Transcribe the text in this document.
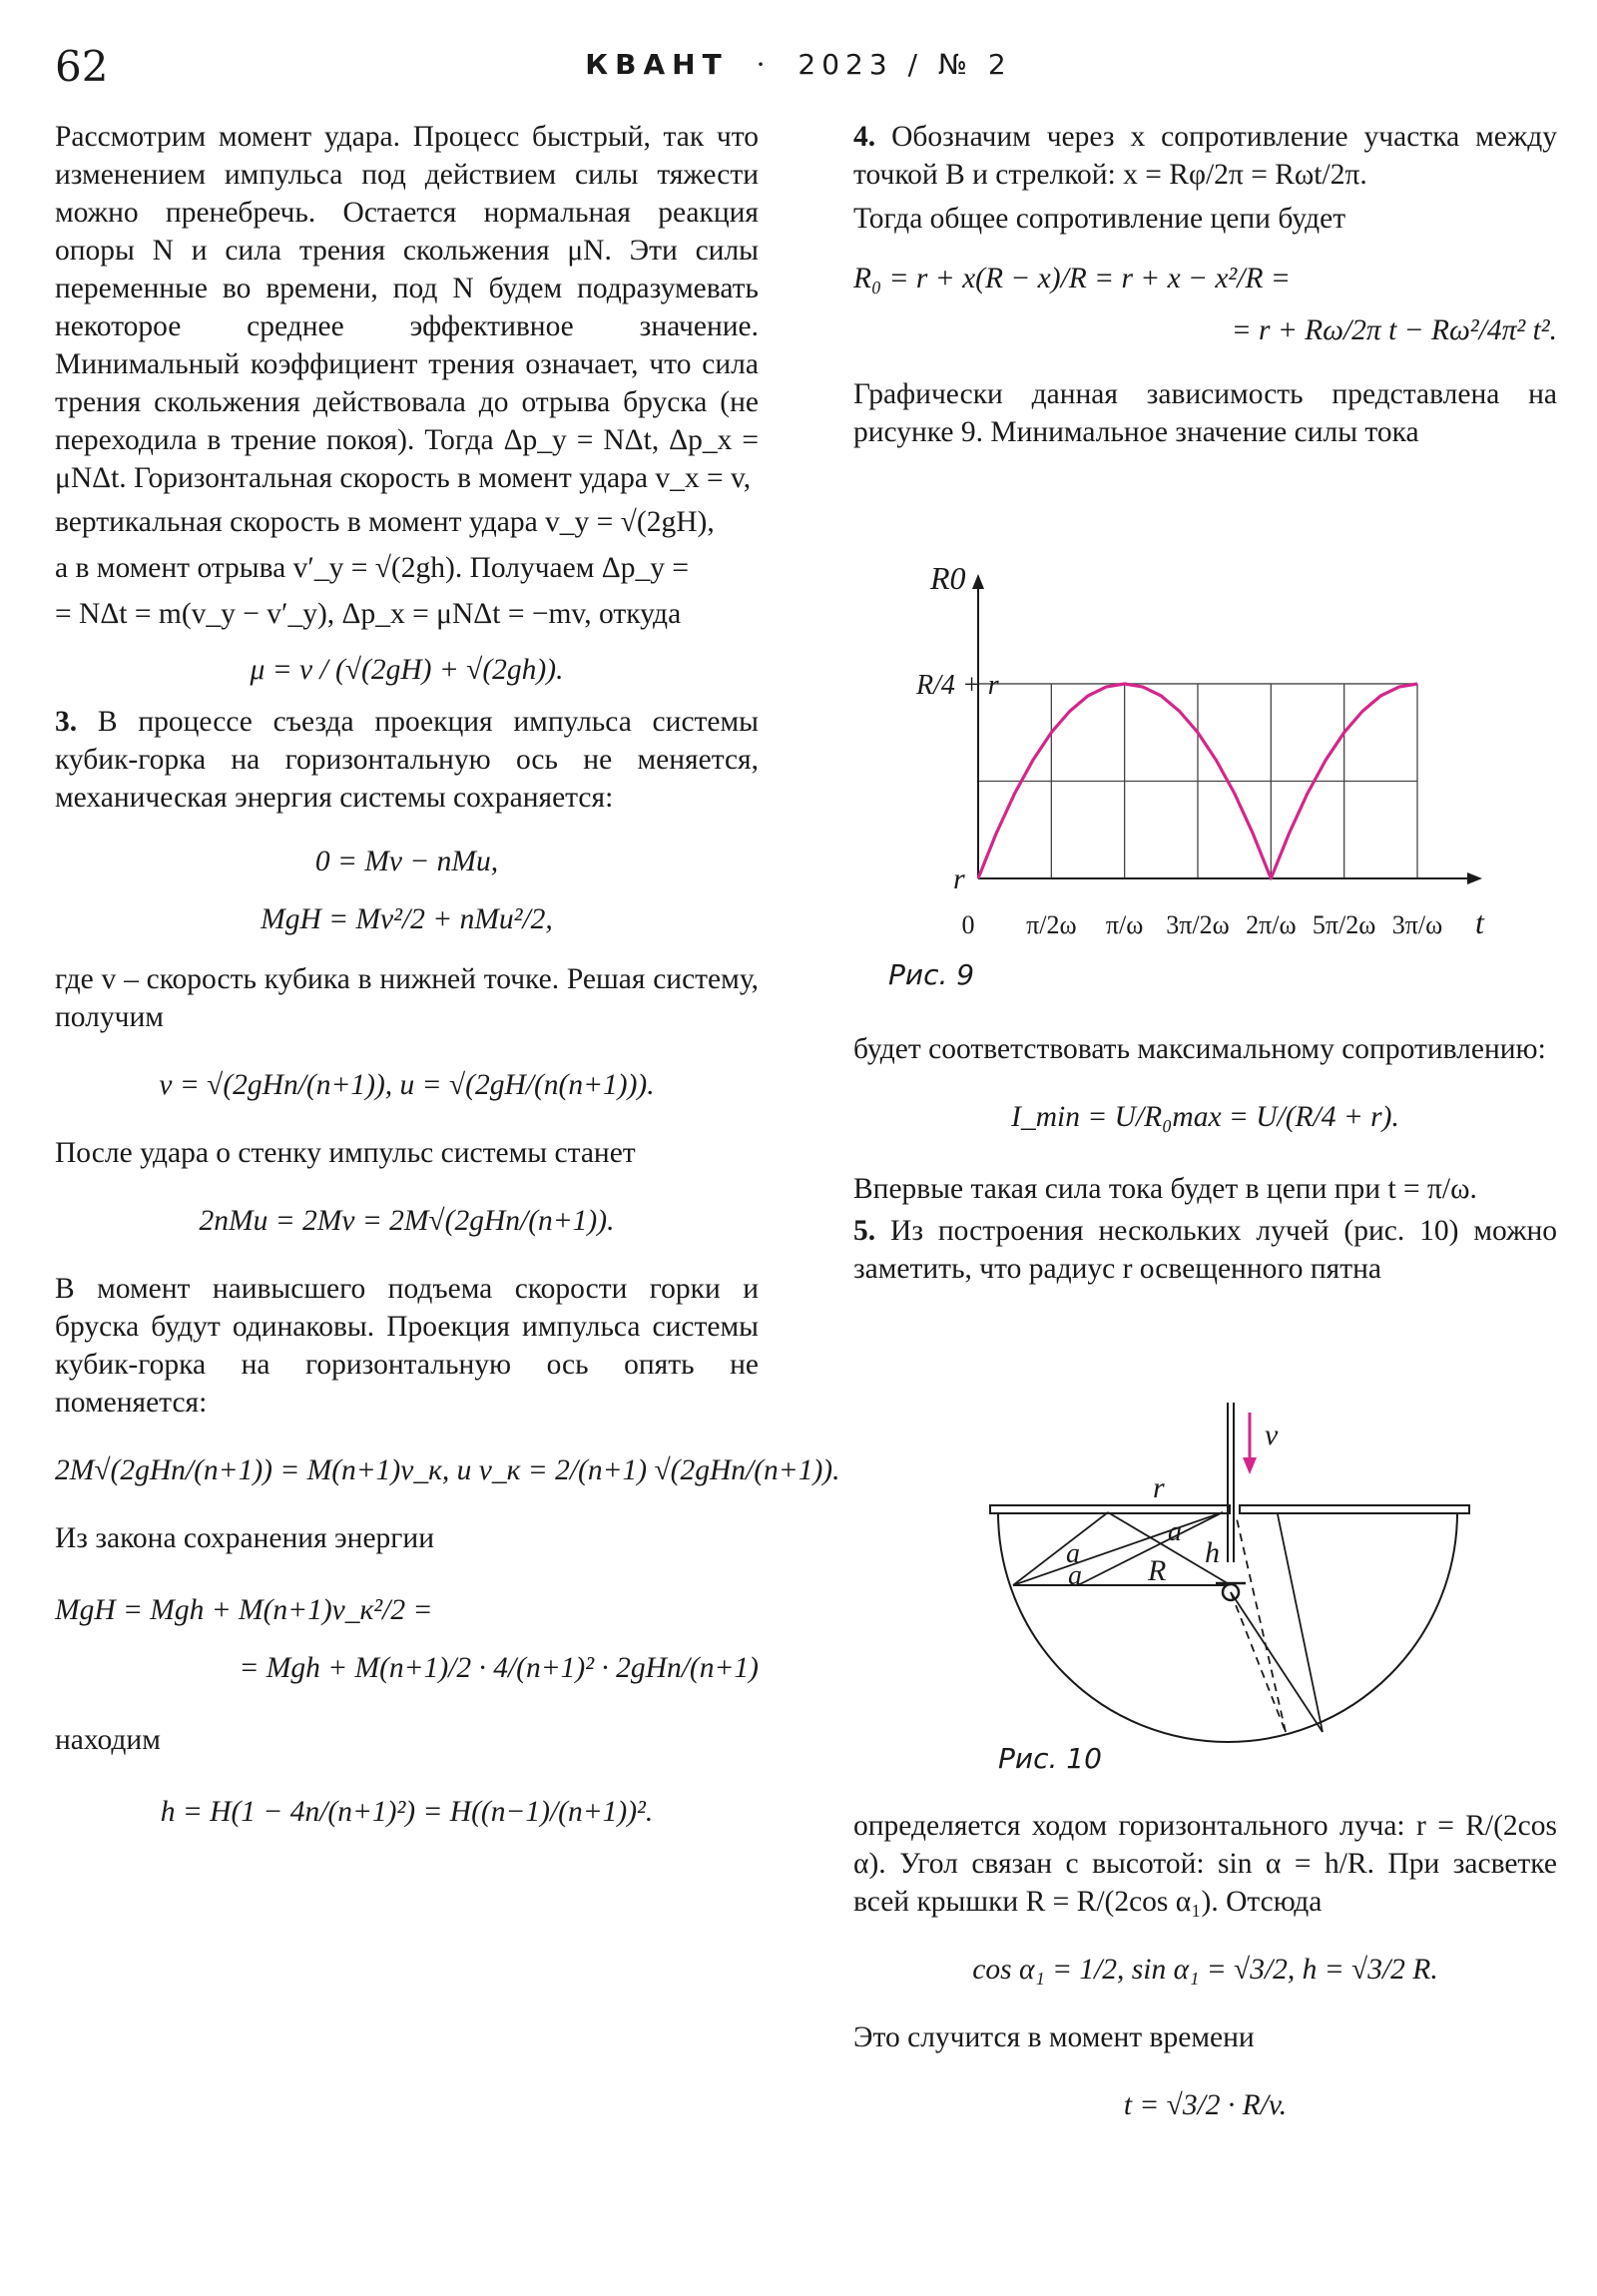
62	КВАНТ · 2023 / № 2

Рассмотрим момент удара. Процесс быстрый, так что изменением импульса под действием силы тяжести можно пренебречь. Остается нормальная реакция опоры N и сила трения скольжения μN. Эти силы переменные во времени, под N будем подразумевать некоторое среднее эффективное значение. Минимальный коэффициент трения означает, что сила трения скольжения действовала до отрыва бруска (не переходила в трение покоя). Тогда Δp_y = NΔt, Δp_x = μNΔt. Горизонтальная скорость в момент удара v_x = v,

вертикальная скорость в момент удара v_y = √(2gH),

а в момент отрыва v′_y = √(2gh). Получаем Δp_y =

= NΔt = m(v_y − v′_y), Δp_x = μNΔt = −mv, откуда

μ = v / (√(2gH) + √(2gh)).

3. В процессе съезда проекция импульса системы кубик-горка на горизонтальную ось не меняется, механическая энергия системы сохраняется:

0 = Mv − nMu,
MgH = Mv²/2 + nMu²/2,

где v – скорость кубика в нижней точке. Решая систему, получим

v = √(2gHn/(n+1)), u = √(2gH/(n(n+1))).

После удара о стенку импульс системы станет

2nMu = 2Mv = 2M√(2gHn/(n+1)).

В момент наивысшего подъема скорости горки и бруска будут одинаковы. Проекция импульса системы кубик-горка на горизонтальную ось опять не поменяется:

2M√(2gHn/(n+1)) = M(n+1)v_к, и v_к = 2/(n+1) √(2gHn/(n+1)).

Из закона сохранения энергии

MgH = Mgh + M(n+1)v_к²/2 =
= Mgh + M(n+1)/2 · 4/(n+1)² · 2gHn/(n+1)

находим

h = H(1 − 4n/(n+1)²) = H((n−1)/(n+1))².

4. Обозначим через x сопротивление участка между точкой B и стрелкой: x = Rφ/2π = Rωt/2π.

Тогда общее сопротивление цепи будет

R₀ = r + x(R − x)/R = r + x − x²/R =
= r + Rω/2π t − Rω²/4π² t².

Графически данная зависимость представлена на рисунке 9. Минимальное значение силы тока

R0
t
r
R/4 + r
0 π/2ω π/ω 3π/2ω 2π/ω 5π/2ω 3π/ω
Рис. 9

будет соответствовать максимальному сопротивлению:

I_min = U/R₀max = U/(R/4 + r).

Впервые такая сила тока будет в цепи при t = π/ω.

5. Из построения нескольких лучей (рис. 10) можно заметить, что радиус r освещенного пятна

v
r
a
a
a R
h
Рис. 10

определяется ходом горизонтального луча: r = R/(2cos α). Угол связан с высотой: sin α = h/R. При засветке всей крышки R = R/(2cos α₁). Отсюда

cos α₁ = 1/2, sin α₁ = √3/2, h = √3/2 R.

Это случится в момент времени

t = √3/2 · R/v.
